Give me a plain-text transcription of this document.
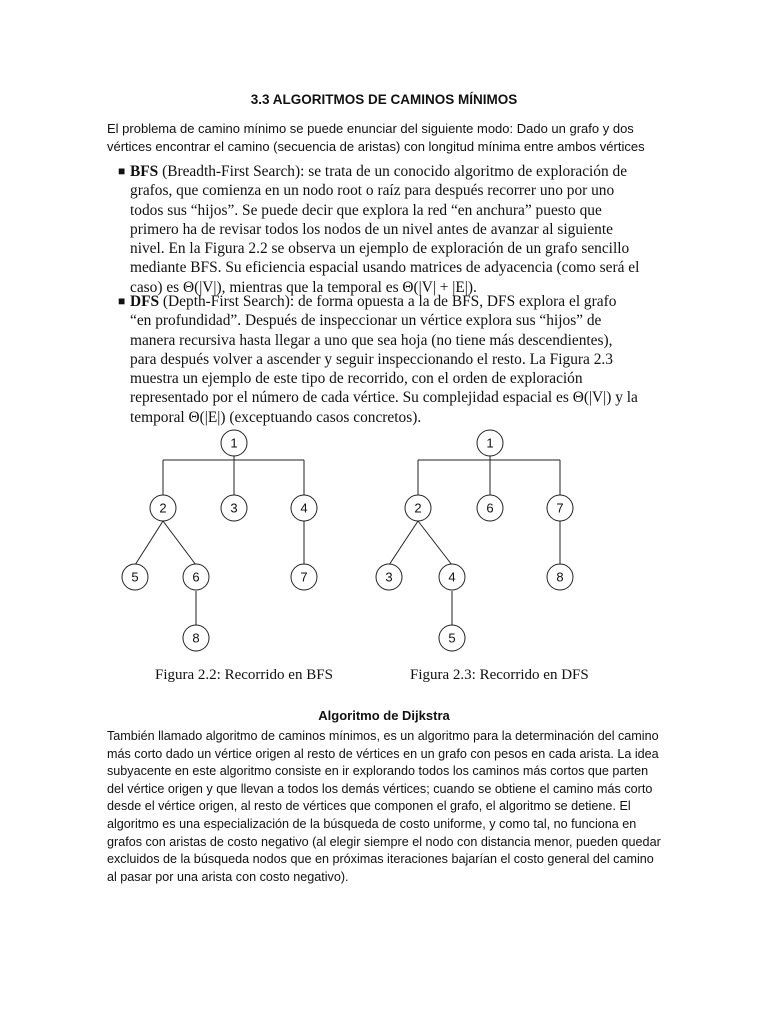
3.3 ALGORITMOS DE CAMINOS MÍNIMOS
El problema de camino mínimo se puede enunciar del siguiente modo: Dado un grafo y dos vértices encontrar el camino (secuencia de aristas) con longitud mínima entre ambos vértices
■ BFS (Breadth-First Search): se trata de un conocido algoritmo de exploración de grafos, que comienza en un nodo root o raíz para después recorrer uno por uno todos sus “hijos”. Se puede decir que explora la red “en anchura” puesto que primero ha de revisar todos los nodos de un nivel antes de avanzar al siguiente nivel. En la Figura 2.2 se observa un ejemplo de exploración de un grafo sencillo mediante BFS. Su eficiencia espacial usando matrices de adyacencia (como será el caso) es Θ(|V|), mientras que la temporal es Θ(|V| + |E|).
■ DFS (Depth-First Search): de forma opuesta a la de BFS, DFS explora el grafo “en profundidad”. Después de inspeccionar un vértice explora sus “hijos” de manera recursiva hasta llegar a uno que sea hoja (no tiene más descendientes), para después volver a ascender y seguir inspeccionando el resto. La Figura 2.3 muestra un ejemplo de este tipo de recorrido, con el orden de exploración representado por el número de cada vértice. Su complejidad espacial es Θ(|V|) y la temporal Θ(|E|) (exceptuando casos concretos).
1
2	3	4
5	6	7
8
1
2	6	7
3	4	8
5
Figura 2.2: Recorrido en BFS	Figura 2.3: Recorrido en DFS
Algoritmo de Dijkstra
También llamado algoritmo de caminos mínimos, es un algoritmo para la determinación del camino más corto dado un vértice origen al resto de vértices en un grafo con pesos en cada arista. La idea subyacente en este algoritmo consiste en ir explorando todos los caminos más cortos que parten del vértice origen y que llevan a todos los demás vértices; cuando se obtiene el camino más corto desde el vértice origen, al resto de vértices que componen el grafo, el algoritmo se detiene. El algoritmo es una especialización de la búsqueda de costo uniforme, y como tal, no funciona en grafos con aristas de costo negativo (al elegir siempre el nodo con distancia menor, pueden quedar excluidos de la búsqueda nodos que en próximas iteraciones bajarían el costo general del camino al pasar por una arista con costo negativo).
